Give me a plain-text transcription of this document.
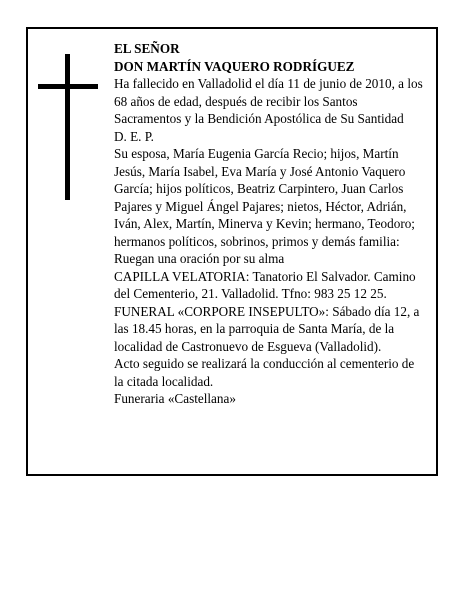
EL SEÑOR

DON MARTÍN VAQUERO RODRÍGUEZ

Ha fallecido en Valladolid el día 11 de junio de 2010, a los 68 años de edad, después de recibir los Santos Sacramentos y la Bendición Apostólica de Su Santidad

D. E. P.

Su esposa, María Eugenia García Recio; hijos, Martín Jesús, María Isabel, Eva María y José Antonio Vaquero García; hijos políticos, Beatriz Carpintero, Juan Carlos Pajares y Miguel Ángel Pajares; nietos, Héctor, Adrián, Iván, Alex, Martín, Minerva y Kevin; hermano, Teodoro; hermanos políticos, sobrinos, primos y demás familia:

Ruegan una oración por su alma

CAPILLA VELATORIA: Tanatorio El Salvador. Camino del Cementerio, 21. Valladolid. Tfno: 983 25 12 25.

FUNERAL «CORPORE INSEPULTO»: Sábado día 12, a las 18.45 horas, en la parroquia de Santa María, de la localidad de Castronuevo de Esgueva (Valladolid).

Acto seguido se realizará la conducción al cementerio de la citada localidad.

Funeraria «Castellana»
